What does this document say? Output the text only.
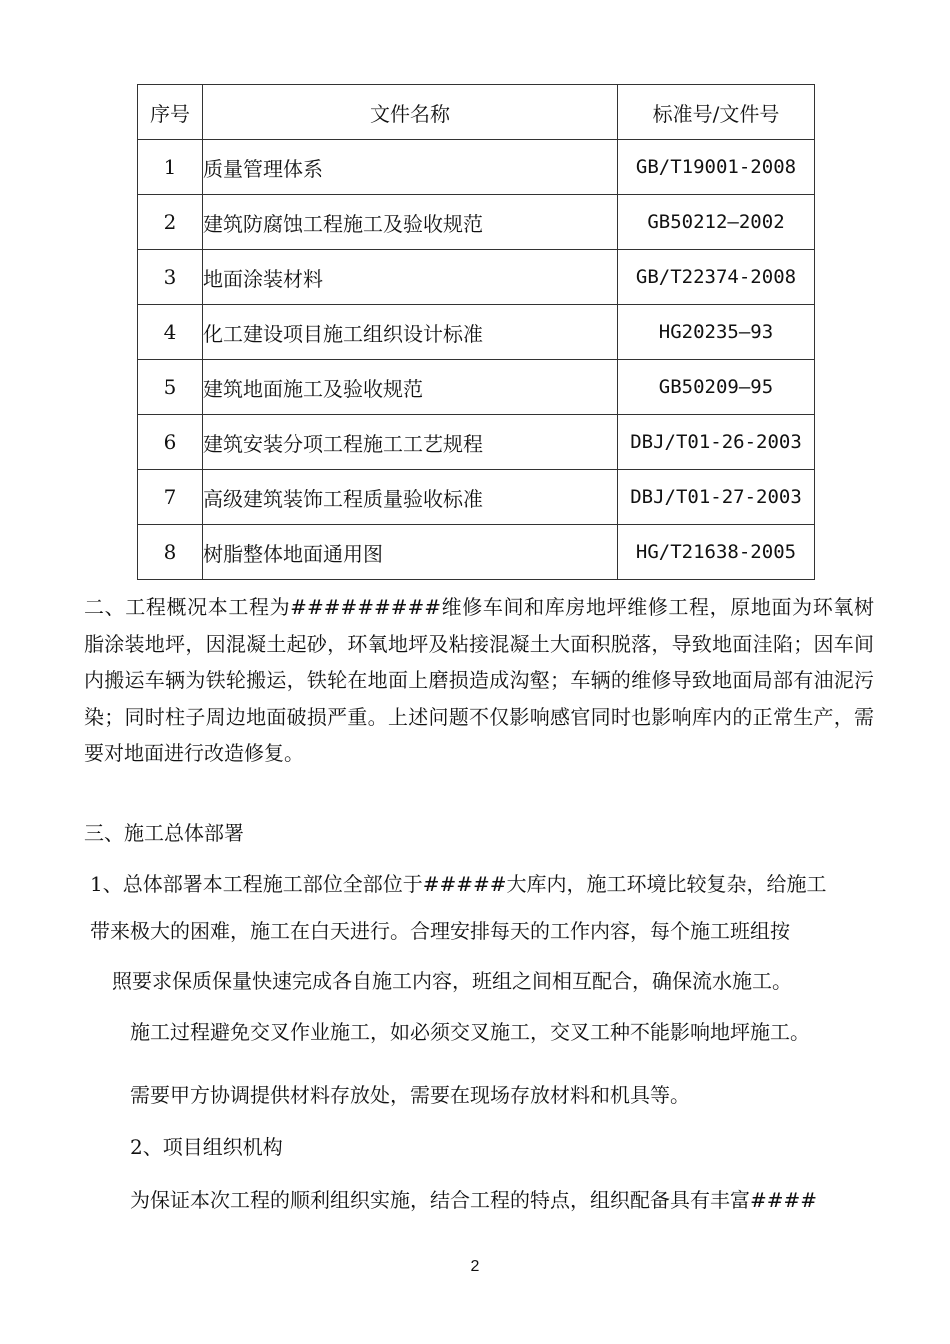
序号	文件名称	标准号/文件号
1	质量管理体系	GB/T19001-2008
2	建筑防腐蚀工程施工及验收规范	GB50212—2002
3	地面涂装材料	GB/T22374-2008
4	化工建设项目施工组织设计标准	HG20235—93
5	建筑地面施工及验收规范	GB50209—95
6	建筑安装分项工程施工工艺规程	DBJ/T01-26-2003
7	高级建筑装饰工程质量验收标准	DBJ/T01-27-2003
8	树脂整体地面通用图	HG/T21638-2005

二、工程概况本工程为#########维修车间和库房地坪维修工程，原地面为环氧树脂涂装地坪，因混凝土起砂，环氧地坪及粘接混凝土大面积脱落，导致地面洼陷；因车间内搬运车辆为铁轮搬运，铁轮在地面上磨损造成沟壑；车辆的维修导致地面局部有油泥污染；同时柱子周边地面破损严重。上述问题不仅影响感官同时也影响库内的正常生产，需要对地面进行改造修复。

三、施工总体部署

1、总体部署本工程施工部位全部位于#####大库内，施工环境比较复杂，给施工

带来极大的困难，施工在白天进行。合理安排每天的工作内容，每个施工班组按

照要求保质保量快速完成各自施工内容，班组之间相互配合，确保流水施工。

施工过程避免交叉作业施工，如必须交叉施工，交叉工种不能影响地坪施工。

需要甲方协调提供材料存放处，需要在现场存放材料和机具等。

2、项目组织机构

为保证本次工程的顺利组织实施，结合工程的特点，组织配备具有丰富####

2
